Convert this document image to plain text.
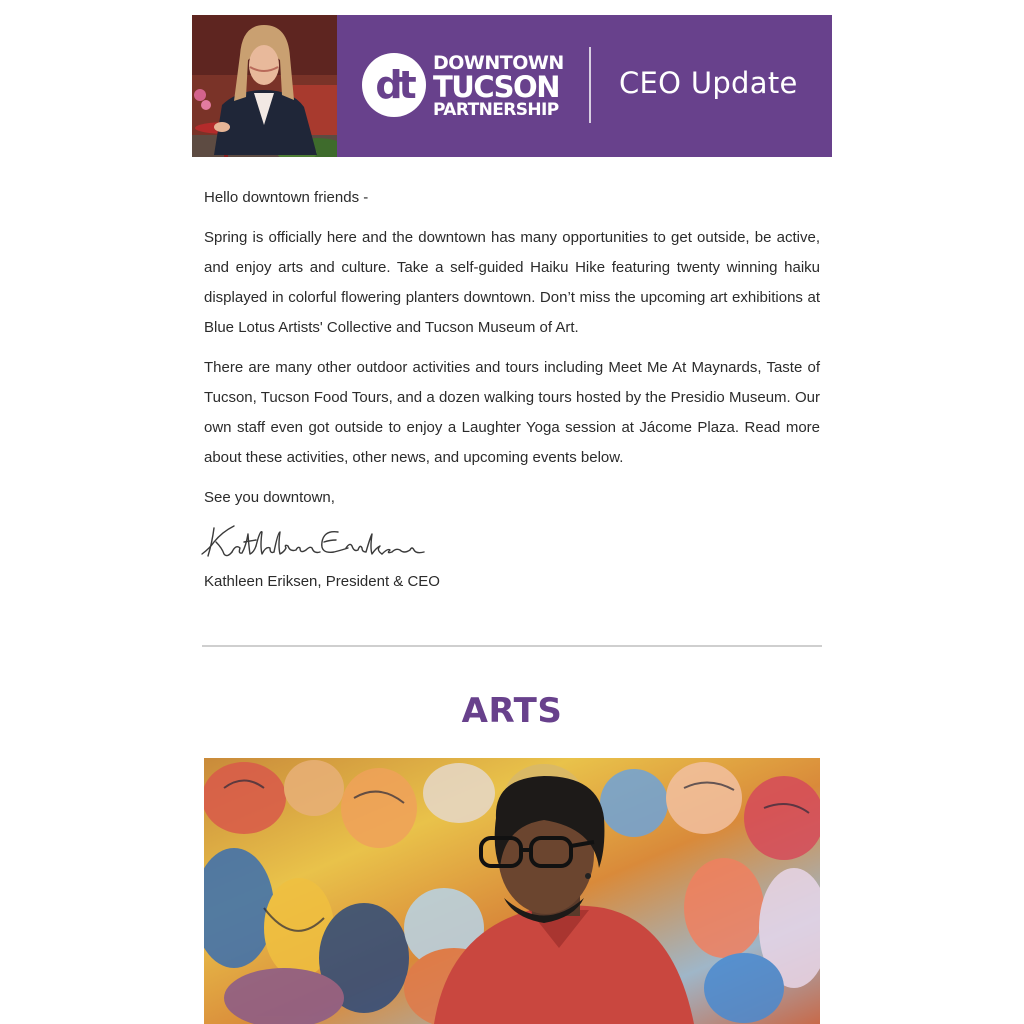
dt	DOWNTOWN
TUCSON
PARTNERSHIP
CEO Update

Hello downtown friends -

Spring is officially here and the downtown has many opportunities to get outside, be active, and enjoy arts and culture. Take a self-guided Haiku Hike featuring twenty winning haiku displayed in colorful flowering planters downtown. Don’t miss the upcoming art exhibitions at Blue Lotus Artists' Collective and Tucson Museum of Art.

There are many other outdoor activities and tours including Meet Me At Maynards, Taste of Tucson, Tucson Food Tours, and a dozen walking tours hosted by the Presidio Museum. Our own staff even got outside to enjoy a Laughter Yoga session at Jácome Plaza. Read more about these activities, other news, and upcoming events below.

See you downtown,

Kathleen Eriksen, President & CEO
ARTS
